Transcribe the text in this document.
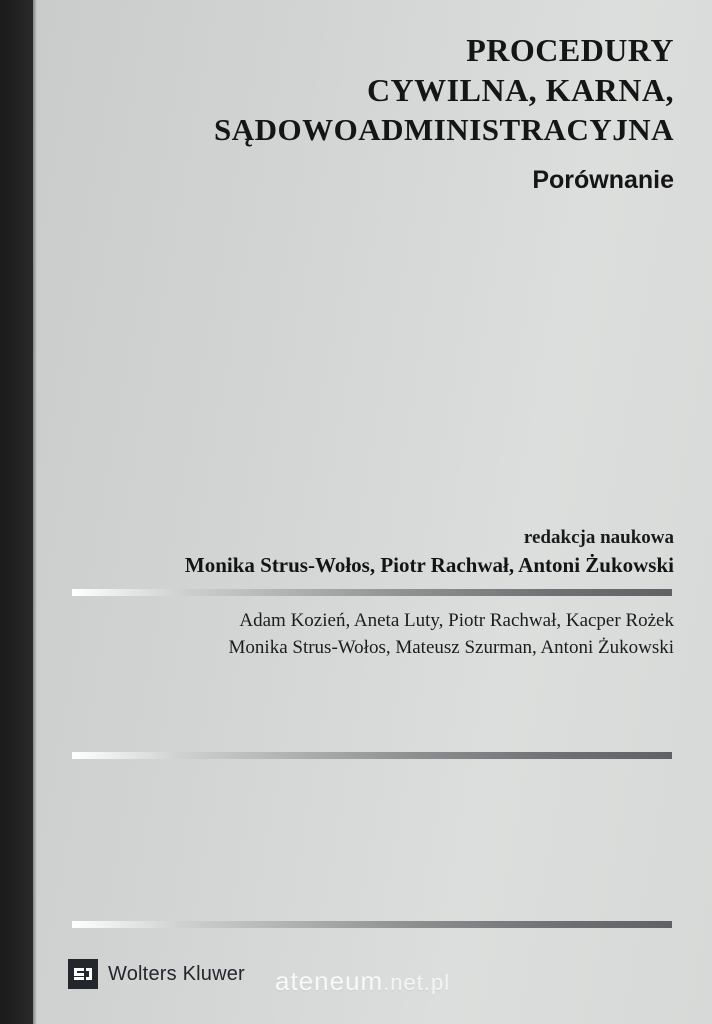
PROCEDURY
CYWILNA, KARNA,
SĄDOWOADMINISTRACYJNA
Porównanie
redakcja naukowa
Monika Strus-Wołos, Piotr Rachwał, Antoni Żukowski
Adam Kozień, Aneta Luty, Piotr Rachwał, Kacper Rożek
Monika Strus-Wołos, Mateusz Szurman, Antoni Żukowski
Wolters Kluwer ateneum.net.pl
